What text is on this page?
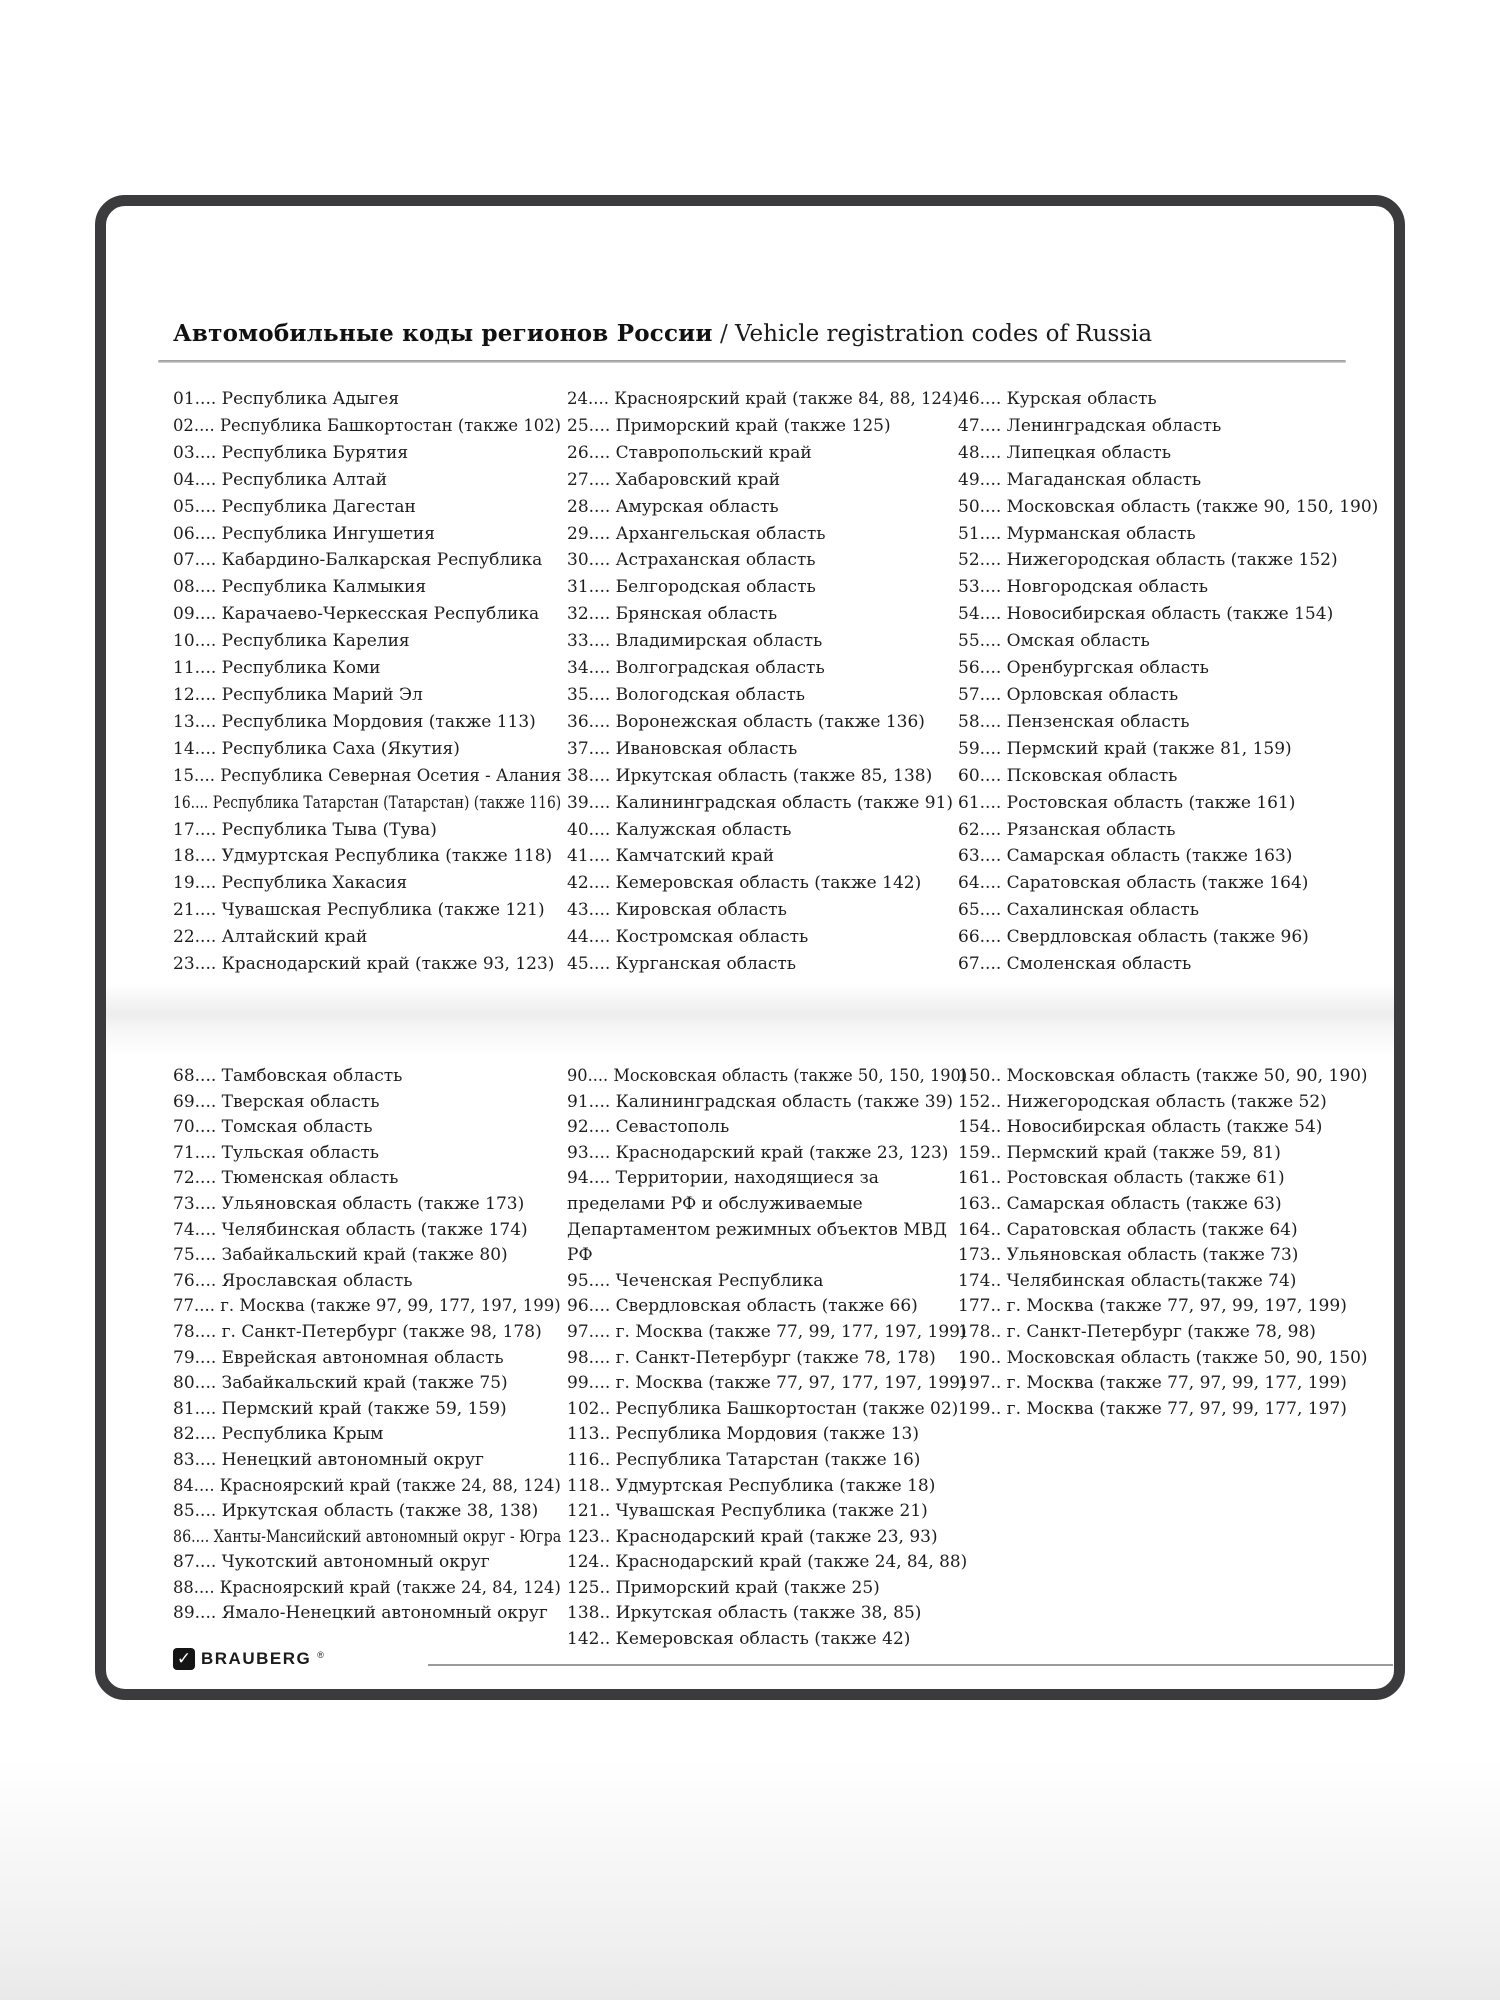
Автомобильные коды регионов России / Vehicle registration codes of Russia
01.... Республика Адыгея
02.... Республика Башкортостан (также 102)
03.... Республика Бурятия
04.... Республика Алтай
05.... Республика Дагестан
06.... Республика Ингушетия
07.... Кабардино-Балкарская Республика
08.... Республика Калмыкия
09.... Карачаево-Черкесская Республика
10.... Республика Карелия
11.... Республика Коми
12.... Республика Марий Эл
13.... Республика Мордовия (также 113)
14.... Республика Саха (Якутия)
15.... Республика Северная Осетия - Алания
16.... Республика Татарстан (Татарстан) (также 116)
17.... Республика Тыва (Тува)
18.... Удмуртская Республика (также 118)
19.... Республика Хакасия
21.... Чувашская Республика (также 121)
22.... Алтайский край
23.... Краснодарский край (также 93, 123)
24.... Красноярский край (также 84, 88, 124)
25.... Приморский край (также 125)
26.... Ставропольский край
27.... Хабаровский край
28.... Амурская область
29.... Архангельская область
30.... Астраханская область
31.... Белгородская область
32.... Брянская область
33.... Владимирская область
34.... Волгоградская область
35.... Вологодская область
36.... Воронежская область (также 136)
37.... Ивановская область
38.... Иркутская область (также 85, 138)
39.... Калининградская область (также 91)
40.... Калужская область
41.... Камчатский край
42.... Кемеровская область (также 142)
43.... Кировская область
44.... Костромская область
45.... Курганская область
46.... Курская область
47.... Ленинградская область
48.... Липецкая область
49.... Магаданская область
50.... Московская область (также 90, 150, 190)
51.... Мурманская область
52.... Нижегородская область (также 152)
53.... Новгородская область
54.... Новосибирская область (также 154)
55.... Омская область
56.... Оренбургская область
57.... Орловская область
58.... Пензенская область
59.... Пермский край (также 81, 159)
60.... Псковская область
61.... Ростовская область (также 161)
62.... Рязанская область
63.... Самарская область (также 163)
64.... Саратовская область (также 164)
65.... Сахалинская область
66.... Свердловская область (также 96)
67.... Смоленская область
68.... Тамбовская область
69.... Тверская область
70.... Томская область
71.... Тульская область
72.... Тюменская область
73.... Ульяновская область (также 173)
74.... Челябинская область (также 174)
75.... Забайкальский край (также 80)
76.... Ярославская область
77.... г. Москва (также 97, 99, 177, 197, 199)
78.... г. Санкт-Петербург (также 98, 178)
79.... Еврейская автономная область
80.... Забайкальский край (также 75)
81.... Пермский край (также 59, 159)
82.... Республика Крым
83.... Ненецкий автономный округ
84.... Красноярский край (также 24, 88, 124)
85.... Иркутская область (также 38, 138)
86.... Ханты-Мансийский автономный округ - Югра
87.... Чукотский автономный округ
88.... Красноярский край (также 24, 84, 124)
89.... Ямало-Ненецкий автономный округ
90.... Московская область (также 50, 150, 190)
91.... Калининградская область (также 39)
92.... Севастополь
93.... Краснодарский край (также 23, 123)
94.... Территории, находящиеся за пределами РФ и обслуживаемые Департаментом режимных объектов МВД РФ
95.... Чеченская Республика
96.... Свердловская область (также 66)
97.... г. Москва (также 77, 99, 177, 197, 199)
98.... г. Санкт-Петербург (также 78, 178)
99.... г. Москва (также 77, 97, 177, 197, 199)
102.. Республика Башкортостан (также 02)
113.. Республика Мордовия (также 13)
116.. Республика Татарстан (также 16)
118.. Удмуртская Республика (также 18)
121.. Чувашская Республика (также 21)
123.. Краснодарский край (также 23, 93)
124.. Краснодарский край (также 24, 84, 88)
125.. Приморский край (также 25)
138.. Иркутская область (также 38, 85)
142.. Кемеровская область (также 42)
150.. Московская область (также 50, 90, 190)
152.. Нижегородская область (также 52)
154.. Новосибирская область (также 54)
159.. Пермский край (также 59, 81)
161.. Ростовская область (также 61)
163.. Самарская область (также 63)
164.. Саратовская область (также 64)
173.. Ульяновская область (также 73)
174.. Челябинская область(также 74)
177.. г. Москва (также 77, 97, 99, 197, 199)
178.. г. Санкт-Петербург (также 78, 98)
190.. Московская область (также 50, 90, 150)
197.. г. Москва (также 77, 97, 99, 177, 199)
199.. г. Москва (также 77, 97, 99, 177, 197)
✓ BRAUBERG ®
